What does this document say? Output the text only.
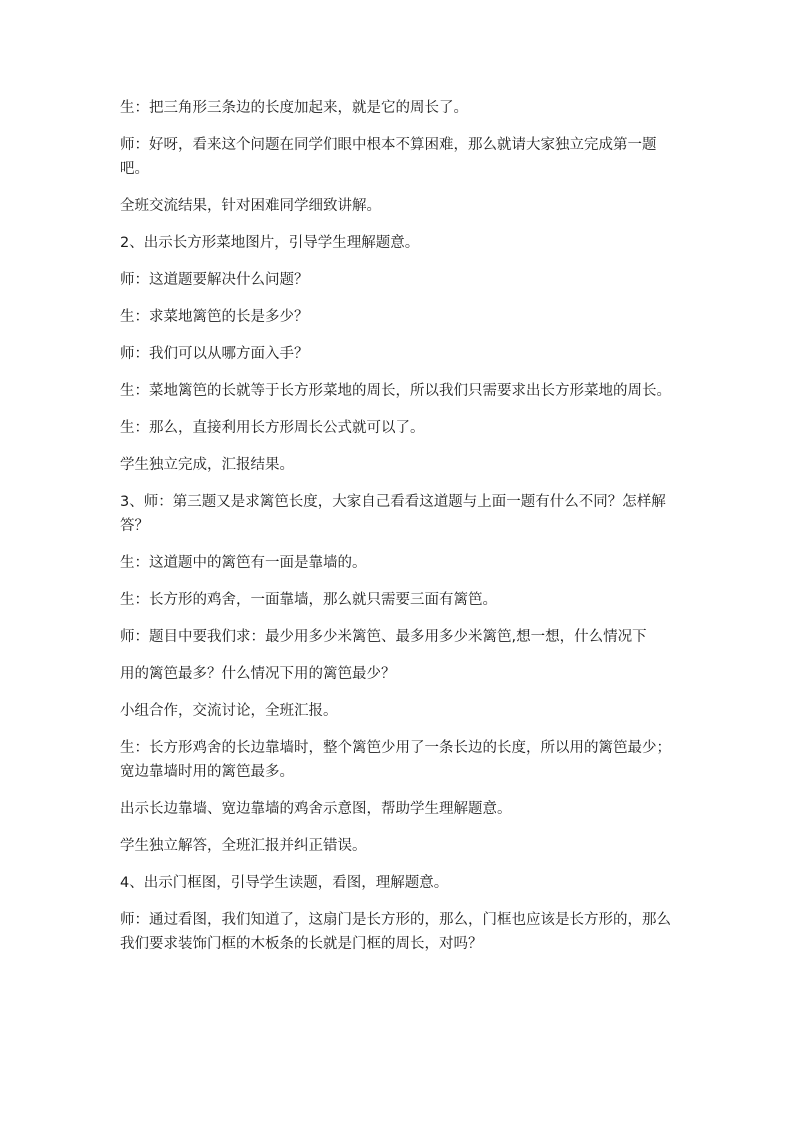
生：把三角形三条边的长度加起来，就是它的周长了。

师：好呀，看来这个问题在同学们眼中根本不算困难，那么就请大家独立完成第一题吧。

全班交流结果，针对困难同学细致讲解。

2、出示长方形菜地图片，引导学生理解题意。

师：这道题要解决什么问题？

生：求菜地篱笆的长是多少？

师：我们可以从哪方面入手？

生：菜地篱笆的长就等于长方形菜地的周长，所以我们只需要求出长方形菜地的周长。

生：那么，直接利用长方形周长公式就可以了。

学生独立完成，汇报结果。

3、师：第三题又是求篱笆长度，大家自己看看这道题与上面一题有什么不同？怎样解答？

生：这道题中的篱笆有一面是靠墙的。

生：长方形的鸡舍，一面靠墙，那么就只需要三面有篱笆。

师：题目中要我们求：最少用多少米篱笆、最多用多少米篱笆,想一想，什么情况下

用的篱笆最多？什么情况下用的篱笆最少？

小组合作，交流讨论，全班汇报。

生：长方形鸡舍的长边靠墙时，整个篱笆少用了一条长边的长度，所以用的篱笆最少；宽边靠墙时用的篱笆最多。

出示长边靠墙、宽边靠墙的鸡舍示意图，帮助学生理解题意。

学生独立解答，全班汇报并纠正错误。

4、出示门框图，引导学生读题，看图，理解题意。

师：通过看图，我们知道了，这扇门是长方形的，那么，门框也应该是长方形的，那么我们要求装饰门框的木板条的长就是门框的周长，对吗？
